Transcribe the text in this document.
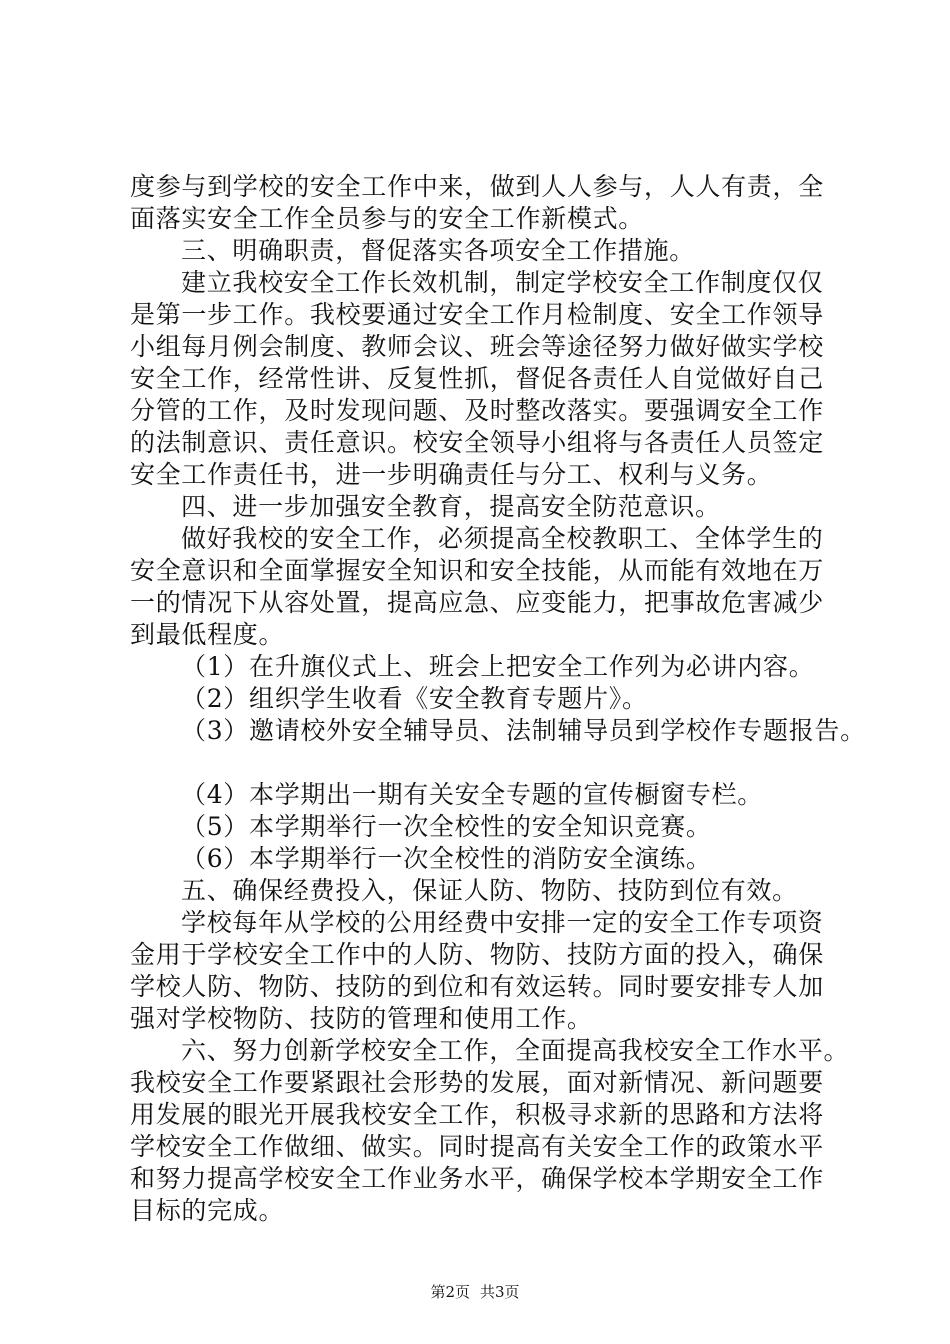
度参与到学校的安全工作中来，做到人人参与，人人有责，全
面落实安全工作全员参与的安全工作新模式。
三、明确职责，督促落实各项安全工作措施。
建立我校安全工作长效机制，制定学校安全工作制度仅仅
是第一步工作。我校要通过安全工作月检制度、安全工作领导
小组每月例会制度、教师会议、班会等途径努力做好做实学校
安全工作，经常性讲、反复性抓，督促各责任人自觉做好自己
分管的工作，及时发现问题、及时整改落实。要强调安全工作
的法制意识、责任意识。校安全领导小组将与各责任人员签定
安全工作责任书，进一步明确责任与分工、权利与义务。
四、进一步加强安全教育，提高安全防范意识。
做好我校的安全工作，必须提高全校教职工、全体学生的
安全意识和全面掌握安全知识和安全技能，从而能有效地在万
一的情况下从容处置，提高应急、应变能力，把事故危害减少
到最低程度。
（1）在升旗仪式上、班会上把安全工作列为必讲内容。
（2）组织学生收看《安全教育专题片》。
（3）邀请校外安全辅导员、法制辅导员到学校作专题报告。
（4）本学期出一期有关安全专题的宣传橱窗专栏。
（5）本学期举行一次全校性的安全知识竞赛。
（6）本学期举行一次全校性的消防安全演练。
五、确保经费投入，保证人防、物防、技防到位有效。
学校每年从学校的公用经费中安排一定的安全工作专项资
金用于学校安全工作中的人防、物防、技防方面的投入，确保
学校人防、物防、技防的到位和有效运转。同时要安排专人加
强对学校物防、技防的管理和使用工作。
六、努力创新学校安全工作，全面提高我校安全工作水平。
我校安全工作要紧跟社会形势的发展，面对新情况、新问题要
用发展的眼光开展我校安全工作，积极寻求新的思路和方法将
学校安全工作做细、做实。同时提高有关安全工作的政策水平
和努力提高学校安全工作业务水平，确保学校本学期安全工作
目标的完成。
第2页 共3页
